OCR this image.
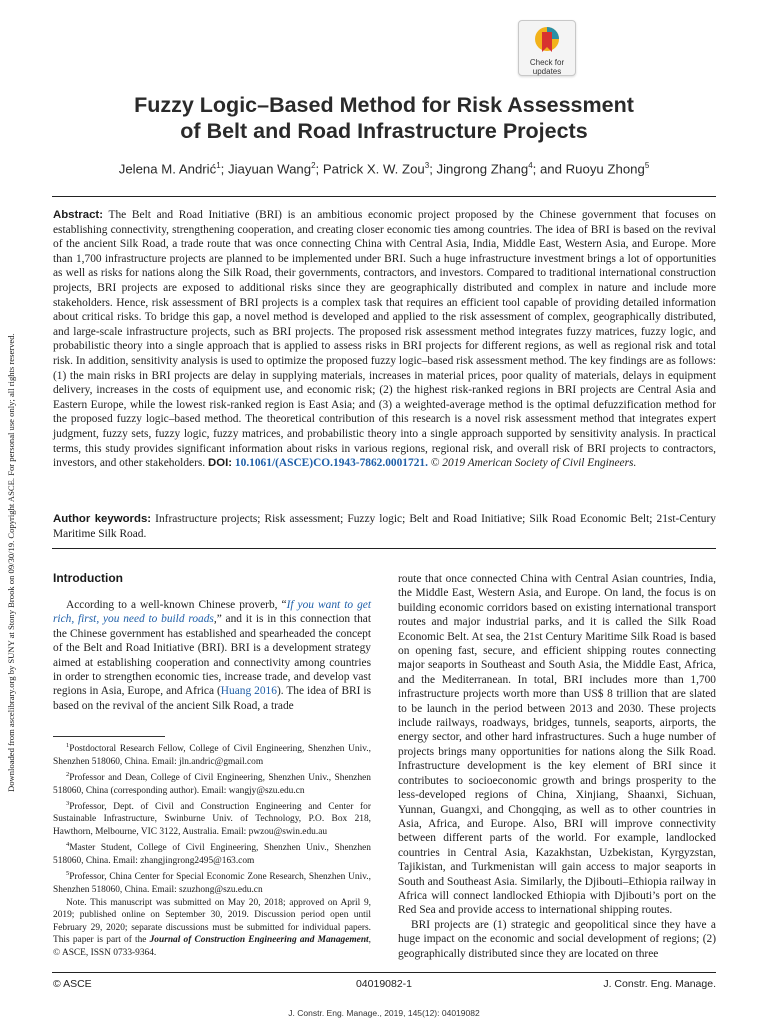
Downloaded from ascelibrary.org by SUNY at Stony Brook on 09/30/19. Copyright ASCE. For personal use only; all rights reserved.
Check for
updates
Fuzzy Logic–Based Method for Risk Assessment
of Belt and Road Infrastructure Projects
Jelena M. Andrić$^1$; Jiayuan Wang$^2$; Patrick X. W. Zou$^3$; Jingrong Zhang$^4$; and Ruoyu Zhong$^5$
Abstract: The Belt and Road Initiative (BRI) is an ambitious economic project proposed by the Chinese government that focuses on establishing connectivity, strengthening cooperation, and creating closer economic ties among countries. The idea of BRI is based on the revival of the ancient Silk Road, a trade route that was once connecting China with Central Asia, India, Middle East, Western Asia, and Europe. More than 1,700 infrastructure projects are planned to be implemented under BRI. Such a huge infrastructure investment brings a lot of opportunities as well as risks for nations along the Silk Road, their governments, contractors, and investors. Compared to traditional international construction projects, BRI projects are exposed to additional risks since they are geographically distributed and complex in nature and include more stakeholders. Hence, risk assessment of BRI projects is a complex task that requires an efficient tool capable of providing detailed information about critical risks. To bridge this gap, a novel method is developed and applied to the risk assessment of complex, geographically distributed, and large-scale infrastructure projects, such as BRI projects. The proposed risk assessment method integrates fuzzy matrices, fuzzy logic, and probabilistic theory into a single approach that is applied to assess risks in BRI projects for different regions, as well as regional risk and total risk. In addition, sensitivity analysis is used to optimize the proposed fuzzy logic–based risk assessment method. The key findings are as follows: (1) the main risks in BRI projects are delay in supplying materials, increases in material prices, poor quality of materials, delays in equipment delivery, increases in the costs of equipment use, and economic risk; (2) the highest risk-ranked regions in BRI projects are Central Asia and Eastern Europe, while the lowest risk-ranked region is East Asia; and (3) a weighted-average method is the optimal defuzzification method for the proposed fuzzy logic–based method. The theoretical contribution of this research is a novel risk assessment method that integrates expert judgment, fuzzy sets, fuzzy logic, fuzzy matrices, and probabilistic theory into a single approach supported by sensitivity analysis. In practical terms, this study provides significant information about risks in various regions, regional risk, and overall risk of BRI projects to contractors, investors, and other stakeholders. DOI: 10.1061/(ASCE)CO.1943-7862.0001721. © 2019 American Society of Civil Engineers.
Author keywords: Infrastructure projects; Risk assessment; Fuzzy logic; Belt and Road Initiative; Silk Road Economic Belt; 21st-Century Maritime Silk Road.
Introduction

According to a well-known Chinese proverb, “If you want to get rich, first, you need to build roads,” and it is in this connection that the Chinese government has established and spearheaded the concept of the Belt and Road Initiative (BRI). BRI is a development strategy aimed at establishing cooperation and connectivity among countries in order to strengthen economic ties, increase trade, and develop vast regions in Asia, Europe, and Africa (Huang 2016). The idea of BRI is based on the revival of the ancient Silk Road, a trade

$^1$Postdoctoral Research Fellow, College of Civil Engineering, Shenzhen Univ., Shenzhen 518060, China. Email: jln.andric@gmail.com

$^2$Professor and Dean, College of Civil Engineering, Shenzhen Univ., Shenzhen 518060, China (corresponding author). Email: wangjy@szu.edu.cn

$^3$Professor, Dept. of Civil and Construction Engineering and Center for Sustainable Infrastructure, Swinburne Univ. of Technology, P.O. Box 218, Hawthorn, Melbourne, VIC 3122, Australia. Email: pwzou@swin.edu.au

$^4$Master Student, College of Civil Engineering, Shenzhen Univ., Shenzhen 518060, China. Email: zhangjingrong2495@163.com

$^5$Professor, China Center for Special Economic Zone Research, Shenzhen Univ., Shenzhen 518060, China. Email: szuzhong@szu.edu.cn

Note. This manuscript was submitted on May 20, 2018; approved on April 9, 2019; published online on September 30, 2019. Discussion period open until February 29, 2020; separate discussions must be submitted for individual papers. This paper is part of the Journal of Construction Engineering and Management, © ASCE, ISSN 0733-9364.

route that once connected China with Central Asian countries, India, the Middle East, Western Asia, and Europe. On land, the focus is on building economic corridors based on existing international transport routes and major industrial parks, and it is called the Silk Road Economic Belt. At sea, the 21st Century Maritime Silk Road is based on opening fast, secure, and efficient shipping routes connecting major seaports in Southeast and South Asia, the Middle East, Africa, and the Mediterranean. In total, BRI includes more than 1,700 infrastructure projects worth more than US$ 8 trillion that are slated to be launch in the period between 2013 and 2030. These projects include railways, roadways, bridges, tunnels, seaports, airports, the energy sector, and other hard infrastructures. Such a huge number of projects brings many opportunities for nations along the Silk Road. Infrastructure development is the key element of BRI since it contributes to socioeconomic growth and brings prosperity to the less-developed regions of China, Xinjiang, Shaanxi, Sichuan, Yunnan, Guangxi, and Chongqing, as well as to other countries in Asia, Africa, and Europe. Also, BRI will improve connectivity between different parts of the world. For example, landlocked countries in Central Asia, Kazakhstan, Uzbekistan, Kyrgyzstan, Tajikistan, and Turkmenistan will gain access to major seaports in South and Southeast Asia. Similarly, the Djibouti–Ethiopia railway in Africa will connect landlocked Ethiopia with Djibouti’s port on the Red Sea and provide access to international shipping routes.

BRI projects are (1) strategic and geopolitical since they have a huge impact on the economic and social development of regions; (2) geographically distributed since they are located on three

© ASCE	04019082-1	J. Constr. Eng. Manage.
J. Constr. Eng. Manage., 2019, 145(12): 04019082
